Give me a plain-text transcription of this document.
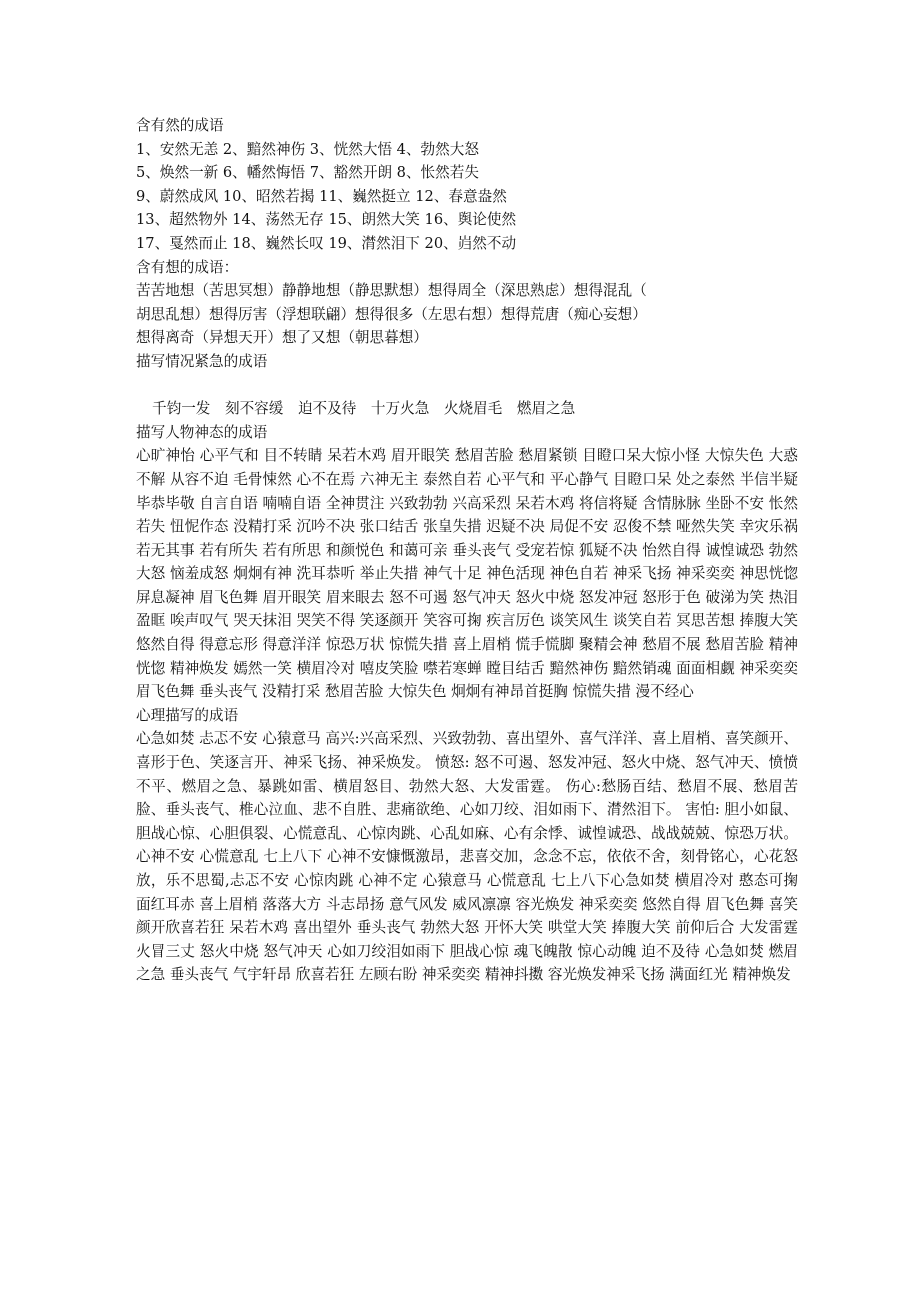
含有然的成语

1、安然无恙 2、黯然神伤 3、恍然大悟 4、勃然大怒

5、焕然一新 6、幡然悔悟 7、豁然开朗 8、怅然若失

9、蔚然成风 10、昭然若揭 11、巍然挺立 12、春意盎然

13、超然物外 14、荡然无存 15、朗然大笑 16、舆论使然

17、戛然而止 18、巍然长叹 19、潸然泪下 20、岿然不动

含有想的成语：

苦苦地想（苦思冥想）静静地想（静思默想）想得周全（深思熟虑）想得混乱（

胡思乱想）想得厉害（浮想联翩）想得很多（左思右想）想得荒唐（痴心妄想）

想得离奇（异想天开）想了又想（朝思暮想）

描写情况紧急的成语

千钧一发　刻不容缓　迫不及待　十万火急　火烧眉毛　燃眉之急

描写人物神态的成语

心旷神怡 心平气和 目不转睛 呆若木鸡 眉开眼笑 愁眉苦脸 愁眉紧锁 目瞪口呆大惊小怪 大惊失色 大惑不解 从容不迫 毛骨悚然 心不在焉 六神无主 泰然自若 心平气和 平心静气 目瞪口呆 处之泰然 半信半疑 毕恭毕敬 自言自语 喃喃自语 全神贯注 兴致勃勃 兴高采烈 呆若木鸡 将信将疑 含情脉脉 坐卧不安 怅然若失 忸怩作态 没精打采 沉吟不决 张口结舌 张皇失措 迟疑不决 局促不安 忍俊不禁 哑然失笑 幸灾乐祸 若无其事 若有所失 若有所思 和颜悦色 和蔼可亲 垂头丧气 受宠若惊 狐疑不决 怡然自得 诚惶诚恐 勃然大怒 恼羞成怒 炯炯有神 洗耳恭听 举止失措 神气十足 神色活现 神色自若 神采飞扬 神采奕奕 神思恍惚 屏息凝神 眉飞色舞 眉开眼笑 眉来眼去 怒不可遏 怒气冲天 怒火中烧 怒发冲冠 怒形于色 破涕为笑 热泪盈眶 唉声叹气 哭天抹泪 哭笑不得 笑逐颜开 笑容可掬 疾言厉色 谈笑风生 谈笑自若 冥思苦想 捧腹大笑 悠然自得 得意忘形 得意洋洋 惊恐万状 惊慌失措 喜上眉梢 慌手慌脚 聚精会神 愁眉不展 愁眉苦脸 精神恍惚 精神焕发 嫣然一笑 横眉冷对 嘻皮笑脸 噤若寒蝉 瞠目结舌 黯然神伤 黯然销魂 面面相觑 神采奕奕 眉飞色舞 垂头丧气 没精打采 愁眉苦脸 大惊失色 炯炯有神昂首挺胸 惊慌失措 漫不经心

心理描写的成语

心急如焚 忐忑不安 心猿意马 高兴:兴高采烈、兴致勃勃、喜出望外、喜气洋洋、喜上眉梢、喜笑颜开、喜形于色、笑逐言开、神采飞扬、神采焕发。 愤怒: 怒不可遏、怒发冲冠、怒火中烧、怒气冲天、愤愤不平、燃眉之急、暴跳如雷、横眉怒目、勃然大怒、大发雷霆。 伤心:愁肠百结、愁眉不展、愁眉苦脸、垂头丧气、椎心泣血、悲不自胜、悲痛欲绝、心如刀绞、泪如雨下、潸然泪下。 害怕: 胆小如鼠、胆战心惊、心胆俱裂、心慌意乱、心惊肉跳、心乱如麻、心有余悸、诚惶诚恐、战战兢兢、惊恐万状。心神不安 心慌意乱 七上八下 心神不安慷慨激昂，悲喜交加，念念不忘，依依不舍，刻骨铭心，心花怒放，乐不思蜀,忐忑不安 心惊肉跳 心神不定 心猿意马 心慌意乱 七上八下心急如焚 横眉冷对 憨态可掬 面红耳赤 喜上眉梢 落落大方 斗志昂扬 意气风发 威风凛凛 容光焕发 神采奕奕 悠然自得 眉飞色舞 喜笑颜开欣喜若狂 呆若木鸡 喜出望外 垂头丧气 勃然大怒 开怀大笑 哄堂大笑 捧腹大笑 前仰后合 大发雷霆 火冒三丈 怒火中烧 怒气冲天 心如刀绞泪如雨下 胆战心惊 魂飞魄散 惊心动魄 迫不及待 心急如焚 燃眉之急 垂头丧气 气宇轩昂 欣喜若狂 左顾右盼 神采奕奕 精神抖擞 容光焕发神采飞扬 满面红光 精神焕发
